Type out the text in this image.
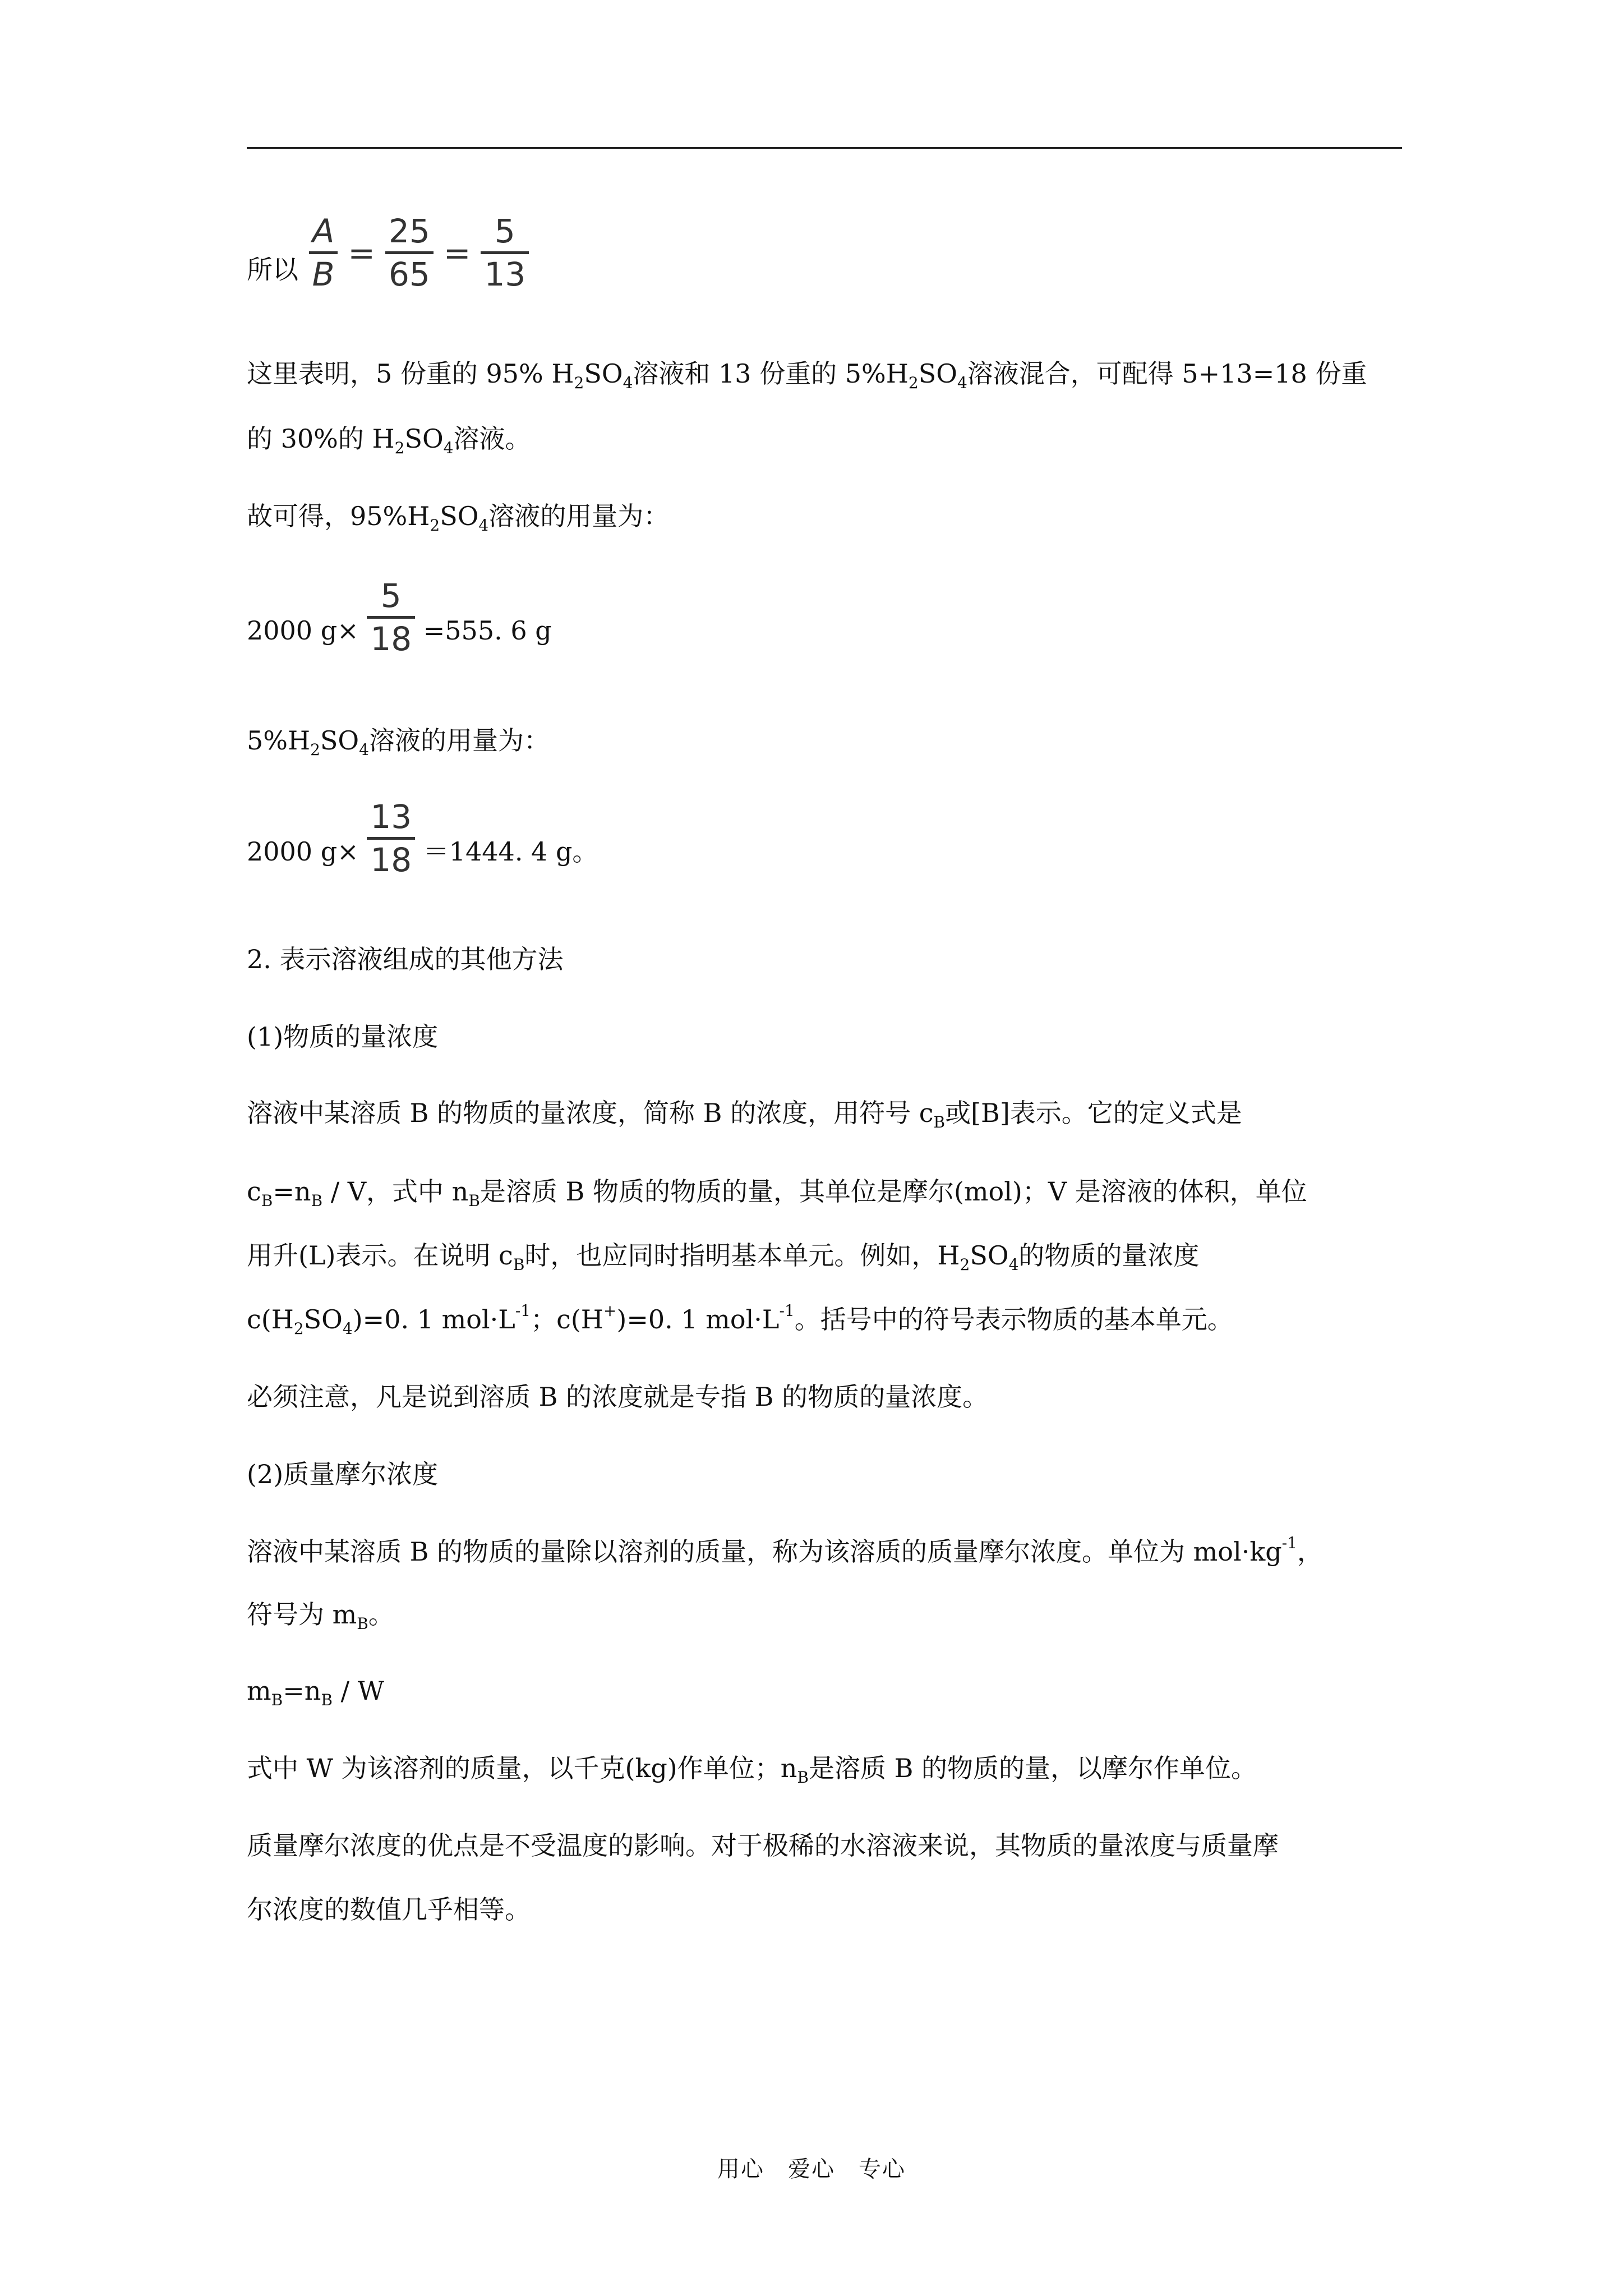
所以
A
B
=
25
65
=
5
13
这里表明，5 份重的 95% $H_2SO_4$溶液和 13 份重的 $5\%H_2SO_4$溶液混合，可配得 5+13=18 份重
的 30%的 $H_2SO_4$溶液。
故可得，$95\%H_2SO_4$溶液的用量为：
2000 g×
5
18 =555. 6 g
$5\%H_2SO_4$溶液的用量为：
2000 g×
13
18 ＝1444. 4 g。
2. 表示溶液组成的其他方法
(1)物质的量浓度
溶液中某溶质 B 的物质的量浓度，简称 B 的浓度，用符号 $c_B$或[B]表示。它的定义式是
$c_B=n_B / V$，式中 $n_B$是溶质 B 物质的物质的量，其单位是摩尔(mol)；V 是溶液的体积，单位
用升(L)表示。在说明 $c_B$时，也应同时指明基本单元。例如，$H_2SO_4$的物质的量浓度
$c(H_2SO_4)=0$. 1 $mol\cdot L^{-1}$；c(H+)=0. 1 $mol\cdot L^{-1}$。括号中的符号表示物质的基本单元。
必须注意，凡是说到溶质 B 的浓度就是专指 B 的物质的量浓度。
(2)质量摩尔浓度
溶液中某溶质 B 的物质的量除以溶剂的质量，称为该溶质的质量摩尔浓度。单位为 $mol\cdot kg^{-1}$，
符号为 $m_B$。
$m_B=n_B / W$
式中 W 为该溶剂的质量，以千克(kg)作单位；$n_B$是溶质 B 的物质的量，以摩尔作单位。
质量摩尔浓度的优点是不受温度的影响。对于极稀的水溶液来说，其物质的量浓度与质量摩
尔浓度的数值几乎相等。
用心　爱心　专心
